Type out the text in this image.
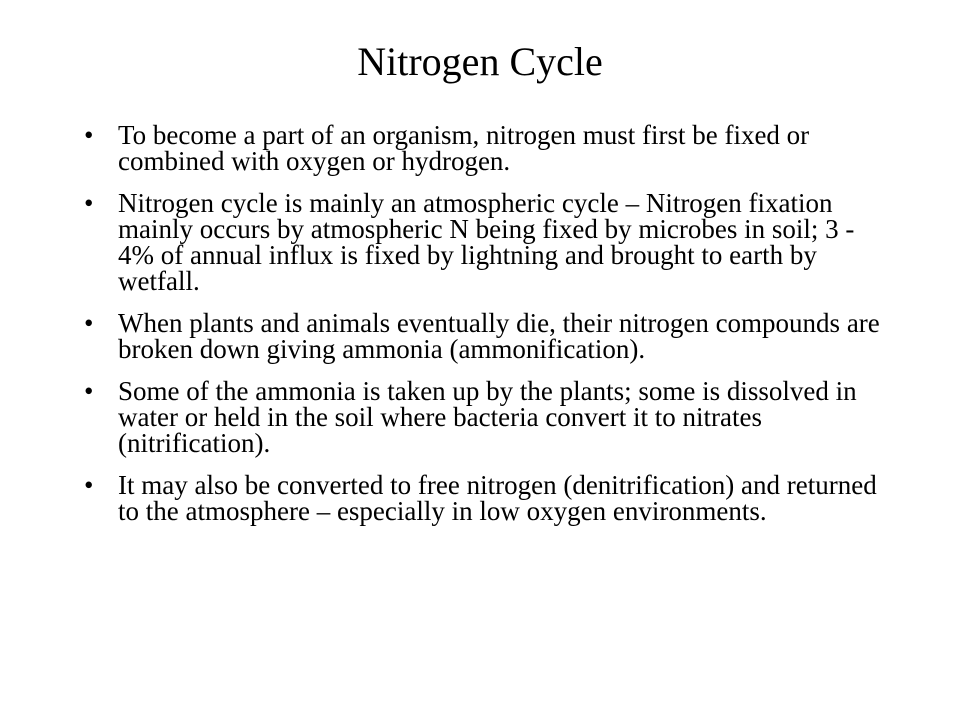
Nitrogen Cycle
• To become a part of an organism, nitrogen must first be fixed or combined with oxygen or hydrogen.
• Nitrogen cycle is mainly an atmospheric cycle – Nitrogen fixation mainly occurs by atmospheric N being fixed by microbes in soil; 3 - 4% of annual influx is fixed by lightning and brought to earth by wetfall.
• When plants and animals eventually die, their nitrogen compounds are broken down giving ammonia (ammonification).
• Some of the ammonia is taken up by the plants; some is dissolved in water or held in the soil where bacteria convert it to nitrates (nitrification).
• It may also be converted to free nitrogen (denitrification) and returned to the atmosphere – especially in low oxygen environments.
